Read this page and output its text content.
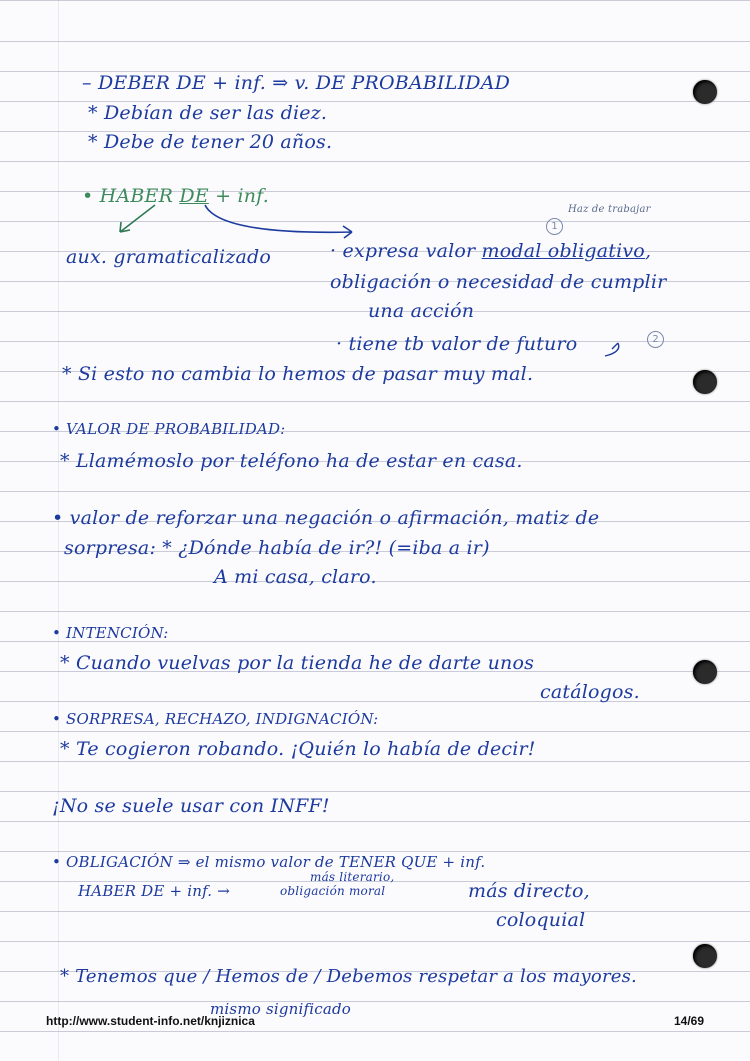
– DEBER DE + inf. ⇒ v. DE PROBABILIDAD

* Debían de ser las diez.

* Debe de tener 20 años.

• HABER DE + inf.

Haz de trabajar
1

aux. gramaticalizado	· expresa valor modal obligativo,

obligación o necesidad de cumplir

una acción

· tiene tb valor de futuro	2

* Si esto no cambia lo hemos de pasar muy mal.

• VALOR DE PROBABILIDAD:

* Llamémoslo por teléfono ha de estar en casa.

• valor de reforzar una negación o afirmación, matiz de

sorpresa: * ¿Dónde había de ir?! (=iba a ir)

A mi casa, claro.

• INTENCIÓN:

* Cuando vuelvas por la tienda he de darte unos

catálogos.

• SORPRESA, RECHAZO, INDIGNACIÓN:

* Te cogieron robando. ¡Quién lo había de decir!

¡No se suele usar con INFF!

• OBLIGACIÓN ⇒ el mismo valor de TENER QUE + inf.

HABER DE + inf. →

más literario,

obligación moral	más directo,

coloquial

* Tenemos que / Hemos de / Debemos respetar a los mayores.

mismo significado

http://www.student-info.net/knjiznica	14/69
